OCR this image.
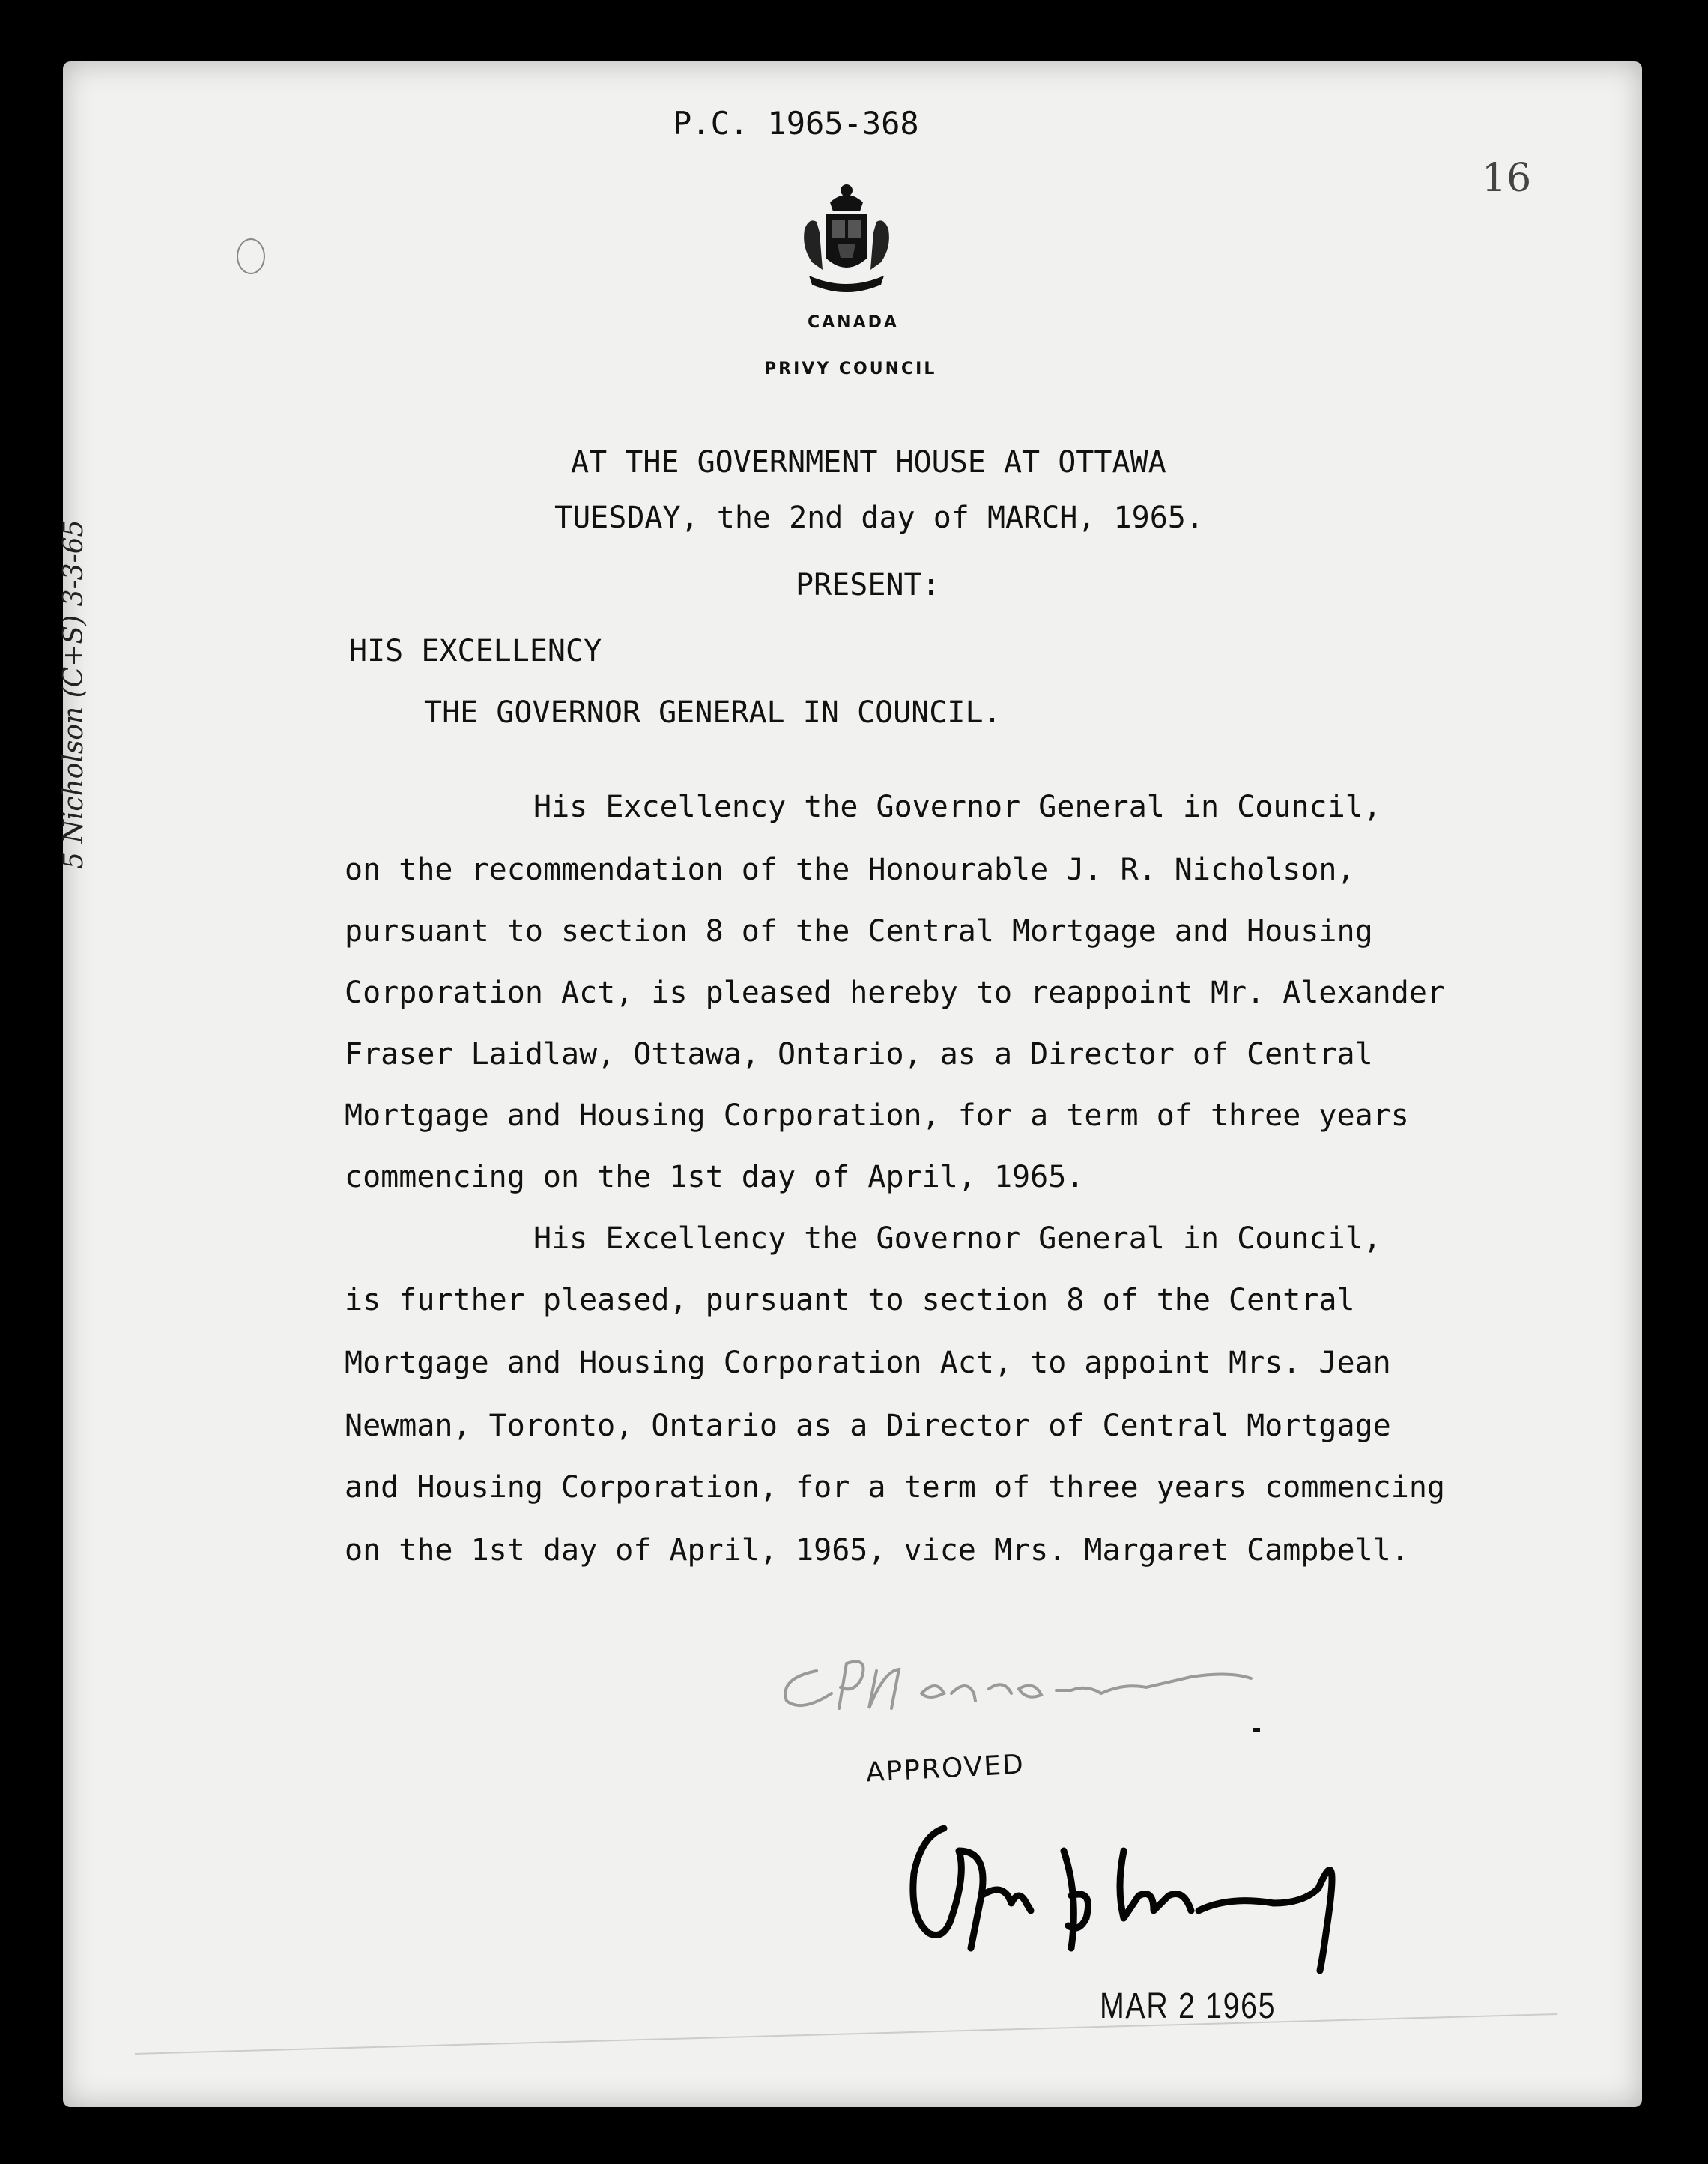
P.C. 1965-368
16
CANADA
PRIVY COUNCIL
AT THE GOVERNMENT HOUSE AT OTTAWA
TUESDAY, the 2nd day of MARCH, 1965.
PRESENT:
HIS EXCELLENCY
THE GOVERNOR GENERAL IN COUNCIL.
His Excellency the Governor General in Council,
on the recommendation of the Honourable J. R. Nicholson,
pursuant to section 8 of the Central Mortgage and Housing
Corporation Act, is pleased hereby to reappoint Mr. Alexander
Fraser Laidlaw, Ottawa, Ontario, as a Director of Central
Mortgage and Housing Corporation, for a term of three years
commencing on the 1st day of April, 1965.
His Excellency the Governor General in Council,
is further pleased, pursuant to section 8 of the Central
Mortgage and Housing Corporation Act, to appoint Mrs. Jean
Newman, Toronto, Ontario as a Director of Central Mortgage
and Housing Corporation, for a term of three years commencing
on the 1st day of April, 1965, vice Mrs. Margaret Campbell.
5 Nicholson (C+S) 3-3-65
APPROVED
MAR 2 1965
